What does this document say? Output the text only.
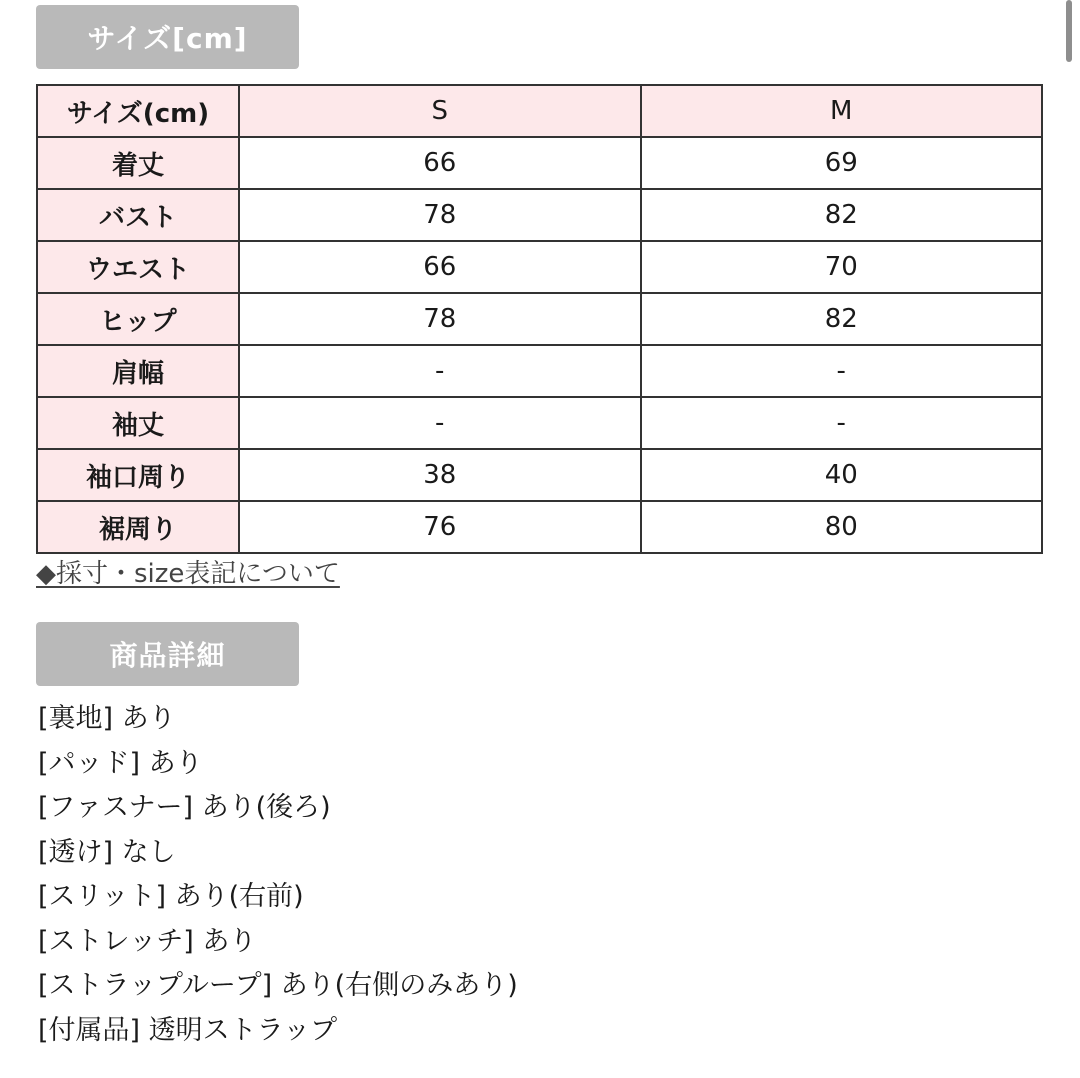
サイズ[cm]
サイズ(cm)	S	M
着丈	66	69
バスト	78	82
ウエスト	66	70
ヒップ	78	82
肩幅	-	-
袖丈	-	-
袖口周り	38	40
裾周り	76	80
◆採寸・size表記について
商品詳細
[裏地] あり
[パッド] あり
[ファスナー] あり(後ろ)
[透け] なし
[スリット] あり(右前)
[ストレッチ] あり
[ストラップループ] あり(右側のみあり)
[付属品] 透明ストラップ
